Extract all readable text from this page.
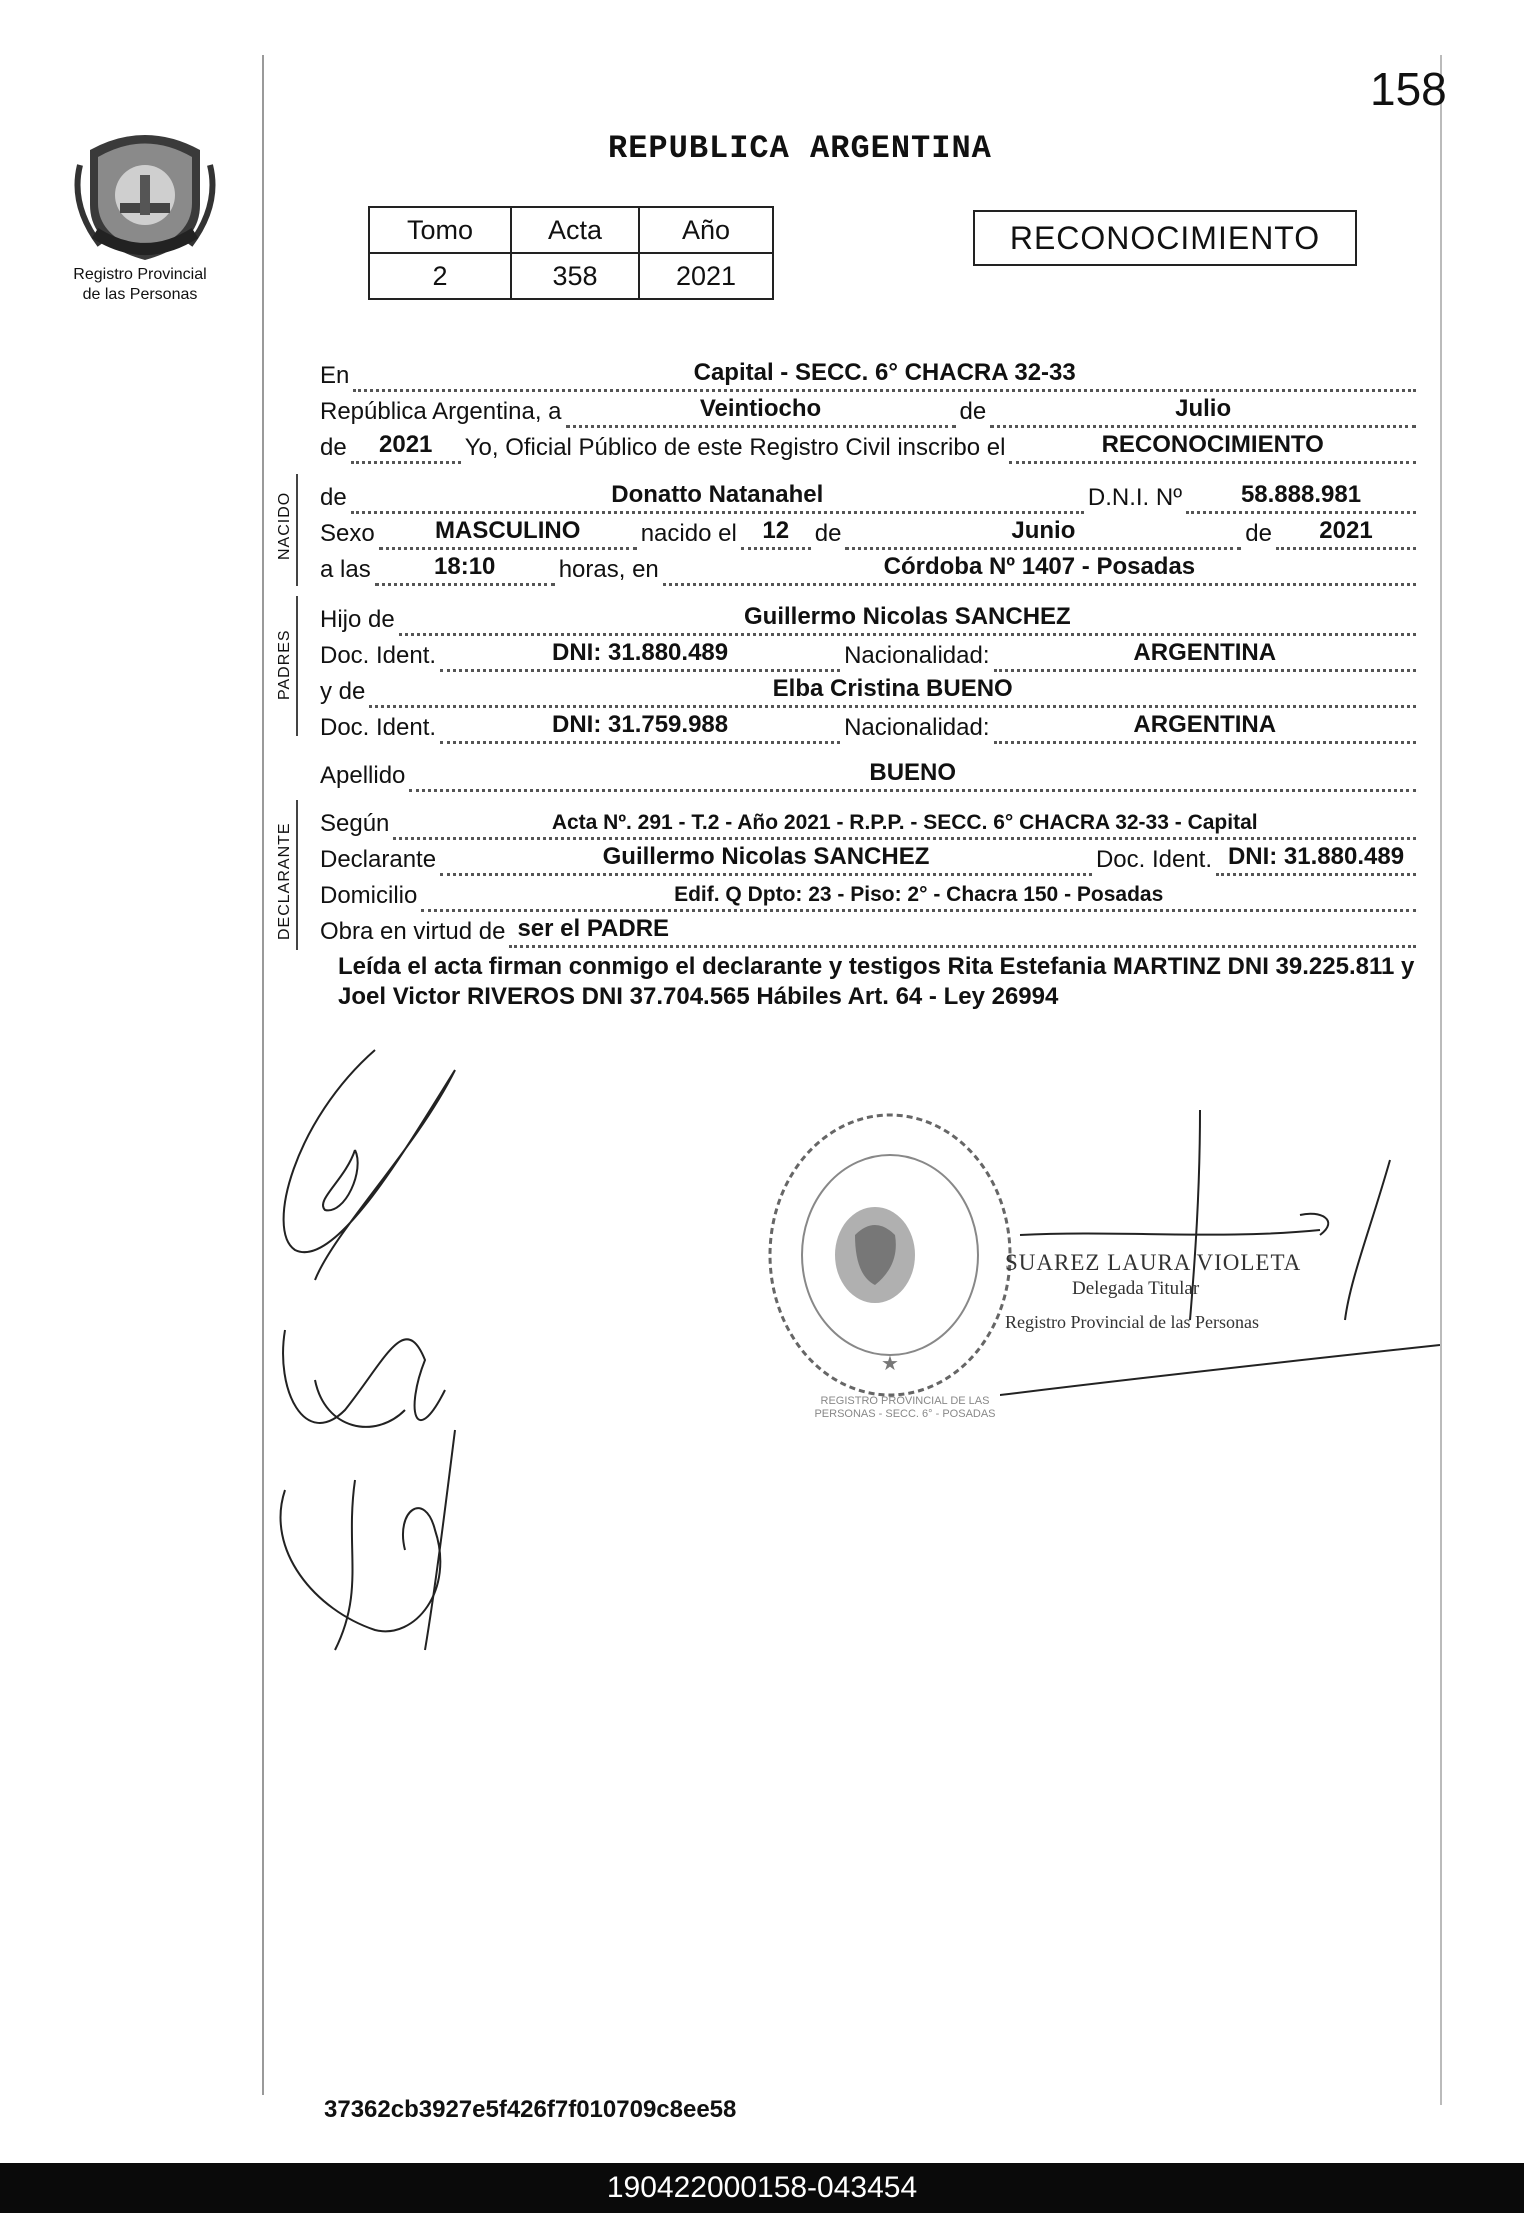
158
REPUBLICA ARGENTINA
Registro Provincial
de las Personas
Tomo	Acta	Año
2	358	2021
RECONOCIMIENTO
En	Capital - SECC. 6° CHACRA 32-33
República Argentina, a	Veintiocho	de	Julio
de	2021	Yo, Oficial Público de este Registro Civil inscribo el	RECONOCIMIENTO
NACIDO de	Donatto Natanahel	D.N.I. Nº	58.888.981
Sexo	MASCULINO	nacido el	12	de	Junio	de	2021
a las	18:10	horas, en	Córdoba Nº 1407 - Posadas
PADRES
Hijo de	Guillermo Nicolas SANCHEZ
Doc. Ident.	DNI: 31.880.489	Nacionalidad:	ARGENTINA
y de	Elba Cristina BUENO
Doc. Ident.	DNI: 31.759.988	Nacionalidad:	ARGENTINA
Apellido	BUENO
DECLARANTE Según	Acta Nº. 291 - T.2 - Año 2021 - R.P.P. - SECC. 6° CHACRA 32-33 - Capital
Declarante	Guillermo Nicolas SANCHEZ	Doc. Ident. DNI: 31.880.489
Domicilio	Edif. Q Dpto: 23 - Piso: 2° - Chacra 150 - Posadas
Obra en virtud de ser el PADRE
Leída el acta firman conmigo el declarante y testigos Rita Estefania MARTINZ DNI 39.225.811 y Joel Victor RIVEROS DNI 37.704.565 Hábiles Art. 64 - Ley 26994
★
REGISTRO PROVINCIAL DE LAS PERSONAS - SECC. 6° - POSADAS
SUAREZ LAURA VIOLETA
Delegada Titular
Registro Provincial de las Personas
37362cb3927e5f426f7f010709c8ee58
190422000158-043454
